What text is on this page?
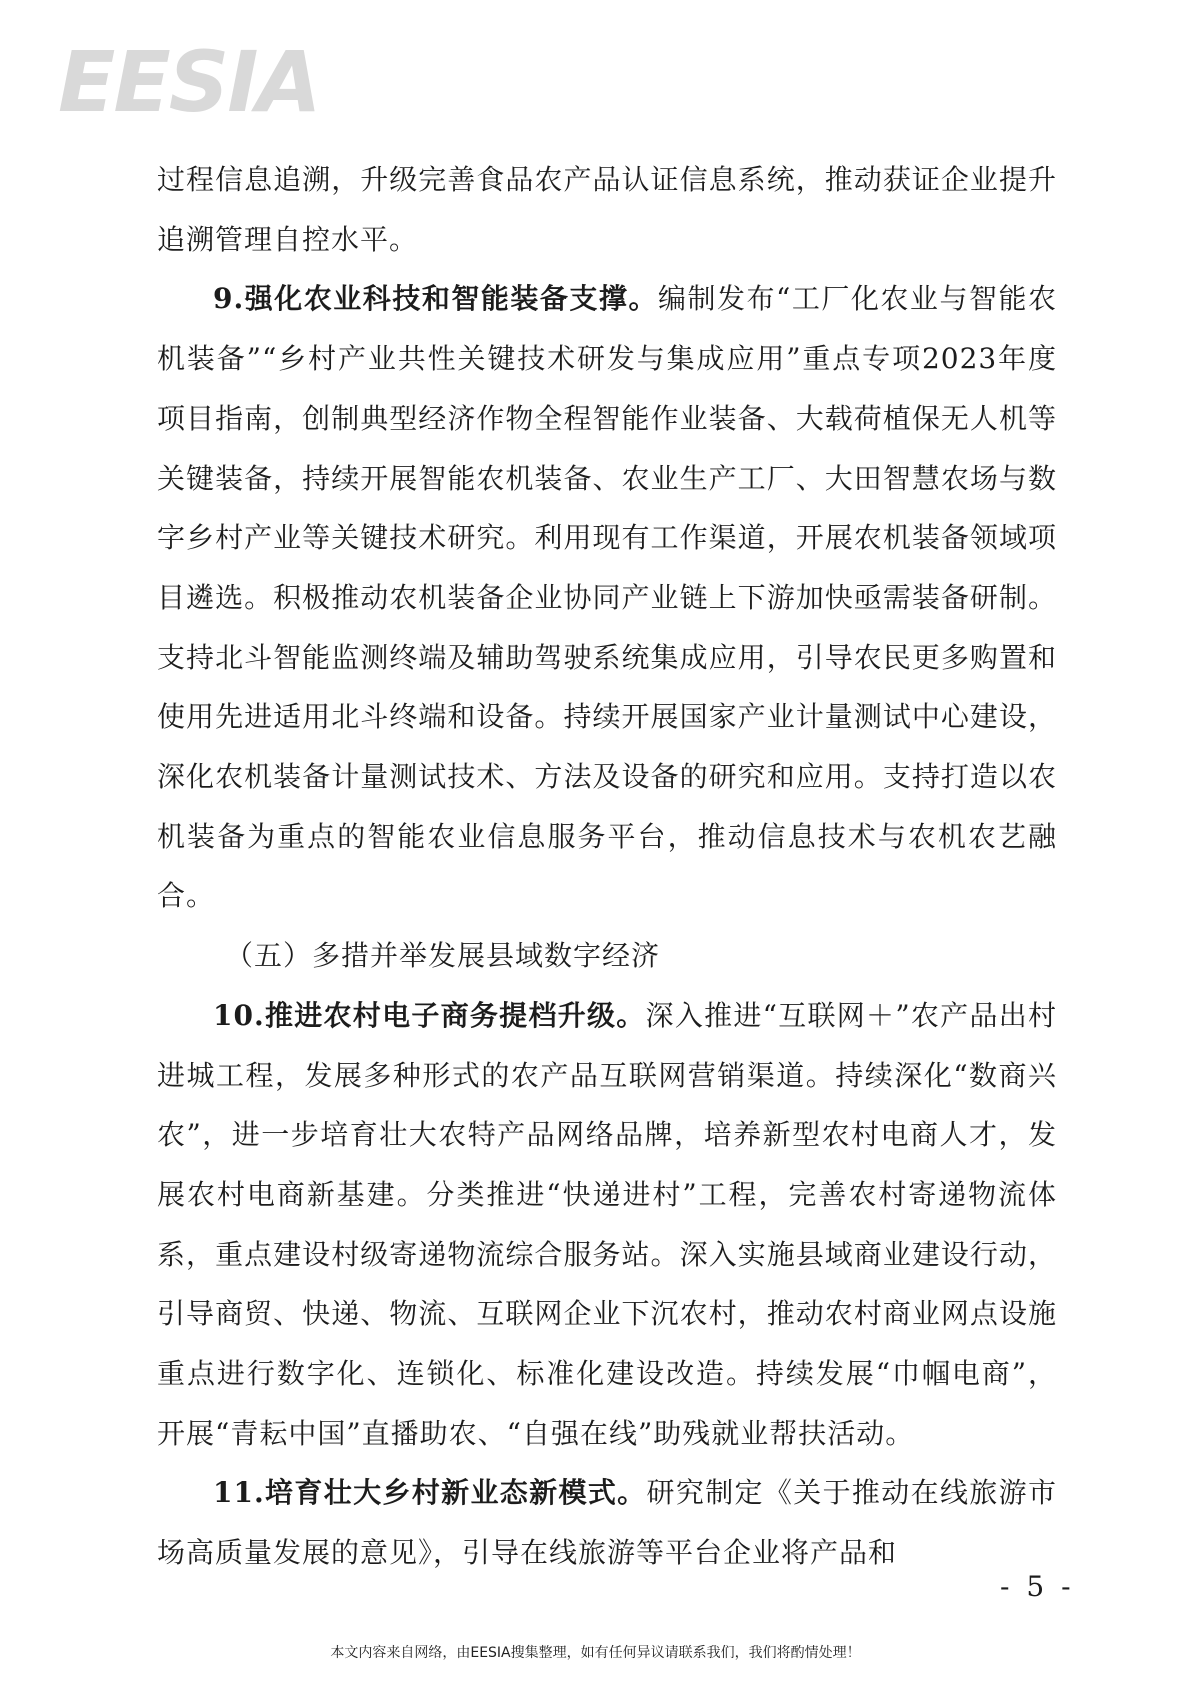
EESIA

过程信息追溯，升级完善食品农产品认证信息系统，推动获证企业提升追溯管理自控水平。

9.强化农业科技和智能装备支撑。编制发布“工厂化农业与智能农机装备”“乡村产业共性关键技术研发与集成应用”重点专项2023年度项目指南，创制典型经济作物全程智能作业装备、大载荷植保无人机等关键装备，持续开展智能农机装备、农业生产工厂、大田智慧农场与数字乡村产业等关键技术研究。利用现有工作渠道，开展农机装备领域项目遴选。积极推动农机装备企业协同产业链上下游加快亟需装备研制。支持北斗智能监测终端及辅助驾驶系统集成应用，引导农民更多购置和使用先进适用北斗终端和设备。持续开展国家产业计量测试中心建设，深化农机装备计量测试技术、方法及设备的研究和应用。支持打造以农机装备为重点的智能农业信息服务平台，推动信息技术与农机农艺融合。

（五）多措并举发展县域数字经济

10.推进农村电子商务提档升级。深入推进“互联网＋”农产品出村进城工程，发展多种形式的农产品互联网营销渠道。持续深化“数商兴农”，进一步培育壮大农特产品网络品牌，培养新型农村电商人才，发展农村电商新基建。分类推进“快递进村”工程，完善农村寄递物流体系，重点建设村级寄递物流综合服务站。深入实施县域商业建设行动，引导商贸、快递、物流、互联网企业下沉农村，推动农村商业网点设施重点进行数字化、连锁化、标准化建设改造。持续发展“巾帼电商”，开展“青耘中国”直播助农、“自强在线”助残就业帮扶活动。

11.培育壮大乡村新业态新模式。研究制定《关于推动在线旅游市场高质量发展的意见》，引导在线旅游等平台企业将产品和

- 5 -
本文内容来自网络，由EESIA搜集整理，如有任何异议请联系我们，我们将酌情处理！
